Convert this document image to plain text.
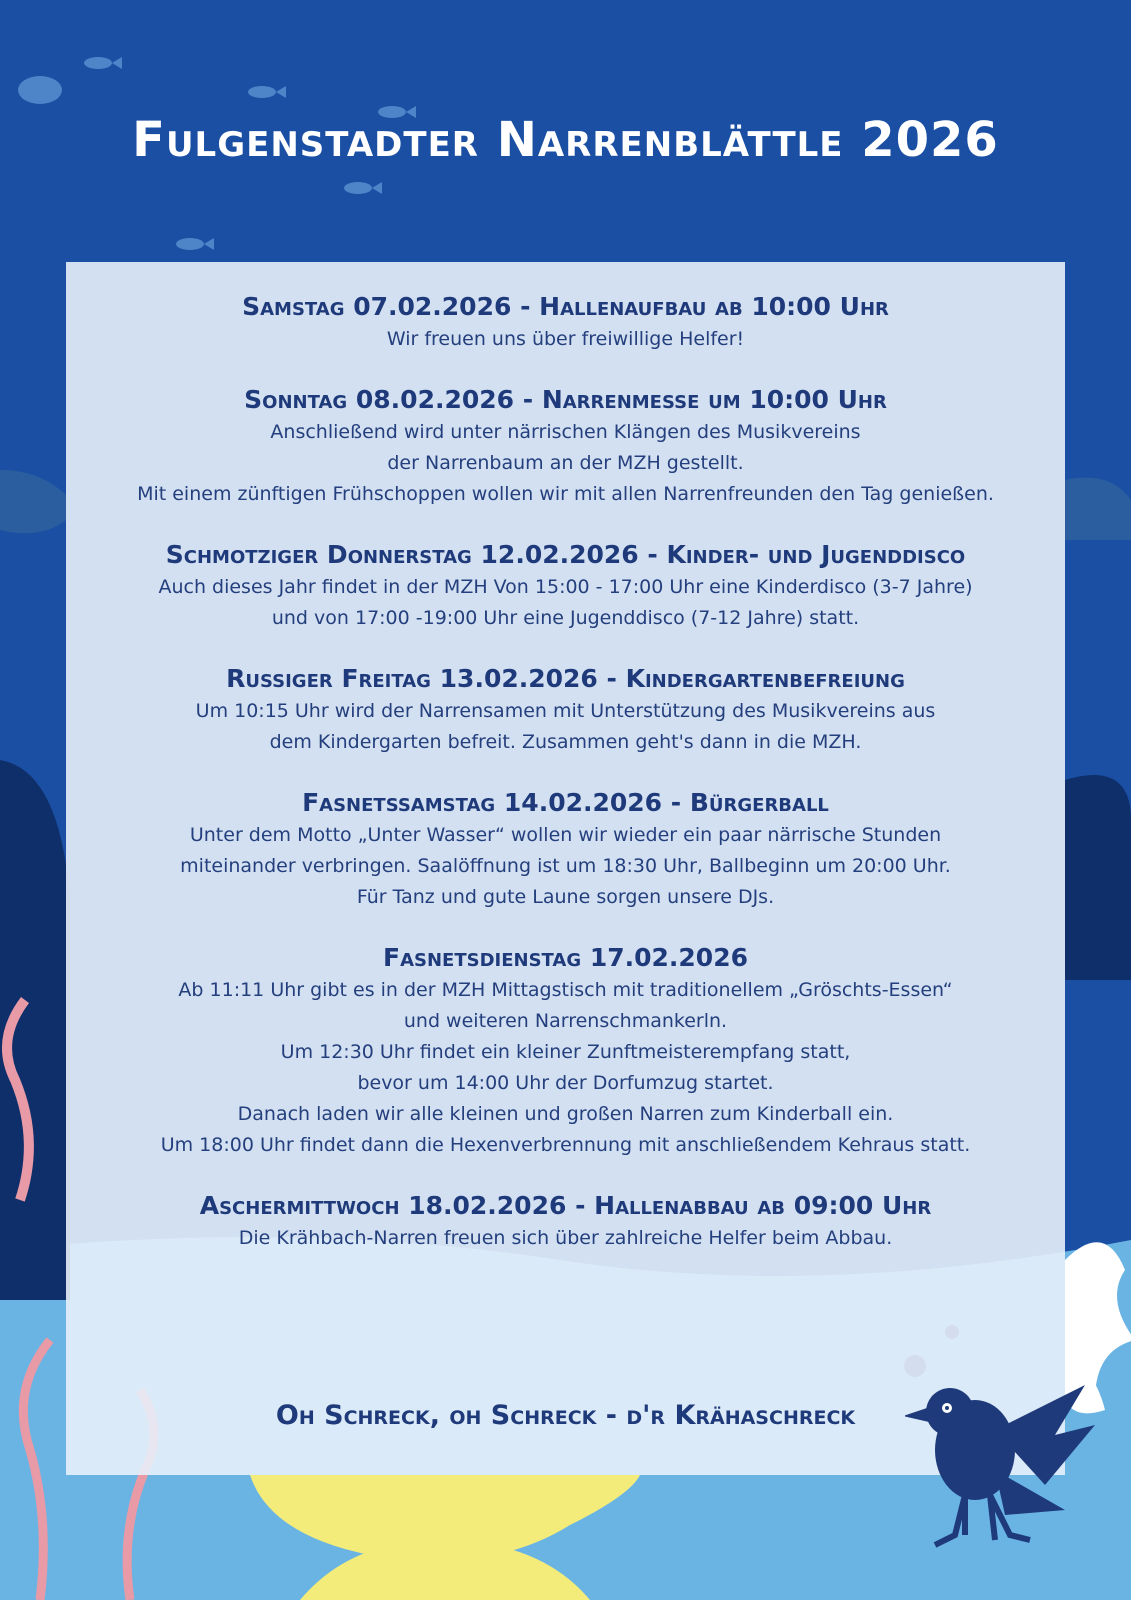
Fulgenstadter Narrenblättle 2026
Samstag 07.02.2026 - Hallenaufbau ab 10:00 Uhr

Wir freuen uns über freiwillige Helfer!

Sonntag 08.02.2026 - Narrenmesse um 10:00 Uhr

Anschließend wird unter närrischen Klängen des Musikvereins

der Narrenbaum an der MZH gestellt.

Mit einem zünftigen Frühschoppen wollen wir mit allen Narrenfreunden den Tag genießen.

Schmotziger Donnerstag 12.02.2026 - Kinder- und Jugenddisco

Auch dieses Jahr findet in der MZH Von 15:00 - 17:00 Uhr eine Kinderdisco (3-7 Jahre)

und von 17:00 -19:00 Uhr eine Jugenddisco (7-12 Jahre) statt.

Rußiger Freitag 13.02.2026 - Kindergartenbefreiung

Um 10:15 Uhr wird der Narrensamen mit Unterstützung des Musikvereins aus

dem Kindergarten befreit. Zusammen geht's dann in die MZH.

Fasnetssamstag 14.02.2026 - Bürgerball

Unter dem Motto „Unter Wasser“ wollen wir wieder ein paar närrische Stunden

miteinander verbringen. Saalöffnung ist um 18:30 Uhr, Ballbeginn um 20:00 Uhr.

Für Tanz und gute Laune sorgen unsere DJs.

Fasnetsdienstag 17.02.2026

Ab 11:11 Uhr gibt es in der MZH Mittagstisch mit traditionellem „Gröschts-Essen“

und weiteren Narrenschmankerln.

Um 12:30 Uhr findet ein kleiner Zunftmeisterempfang statt,

bevor um 14:00 Uhr der Dorfumzug startet.

Danach laden wir alle kleinen und großen Narren zum Kinderball ein.

Um 18:00 Uhr findet dann die Hexenverbrennung mit anschließendem Kehraus statt.

Aschermittwoch 18.02.2026 - Hallenabbau ab 09:00 Uhr

Die Krähbach-Narren freuen sich über zahlreiche Helfer beim Abbau.

Oh Schreck, oh Schreck - d'r Krähaschreck
